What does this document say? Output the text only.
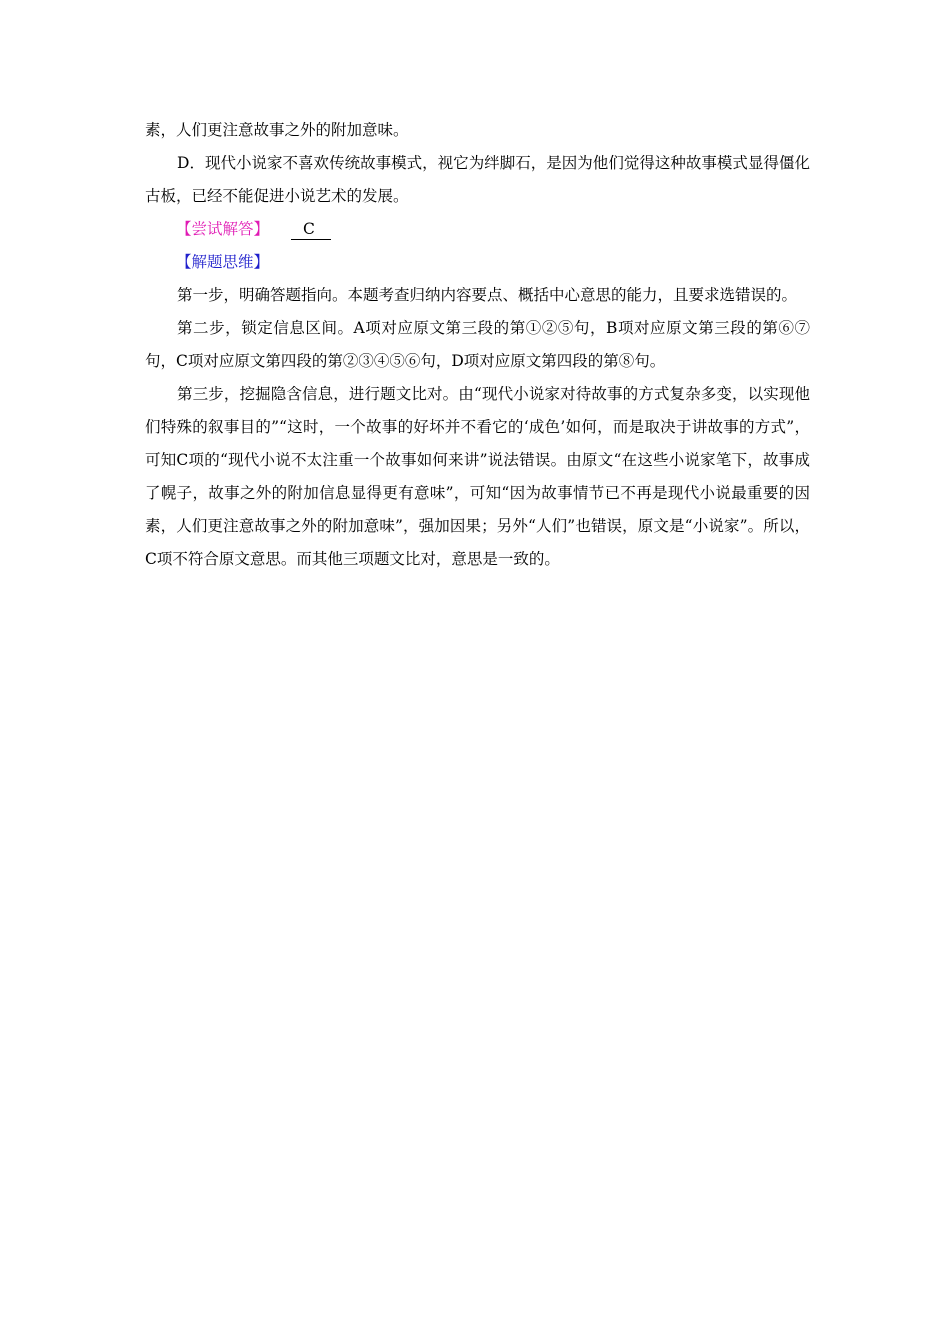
素，人们更注意故事之外的附加意味。

D．现代小说家不喜欢传统故事模式，视它为绊脚石，是因为他们觉得这种故事模式显得僵化古板，已经不能促进小说艺术的发展。

【尝试解答】 C

【解题思维】

第一步，明确答题指向。本题考查归纳内容要点、概括中心意思的能力，且要求选错误的。

第二步，锁定信息区间。A项对应原文第三段的第①②⑤句，B项对应原文第三段的第⑥⑦句，C项对应原文第四段的第②③④⑤⑥句，D项对应原文第四段的第⑧句。

第三步，挖掘隐含信息，进行题文比对。由“现代小说家对待故事的方式复杂多变，以实现他们特殊的叙事目的”“这时，一个故事的好坏并不看它的‘成色’如何，而是取决于讲故事的方式”，可知C项的“现代小说不太注重一个故事如何来讲”说法错误。由原文“在这些小说家笔下，故事成了幌子，故事之外的附加信息显得更有意味”，可知“因为故事情节已不再是现代小说最重要的因素，人们更注意故事之外的附加意味”，强加因果；另外“人们”也错误，原文是“小说家”。所以，C项不符合原文意思。而其他三项题文比对，意思是一致的。
